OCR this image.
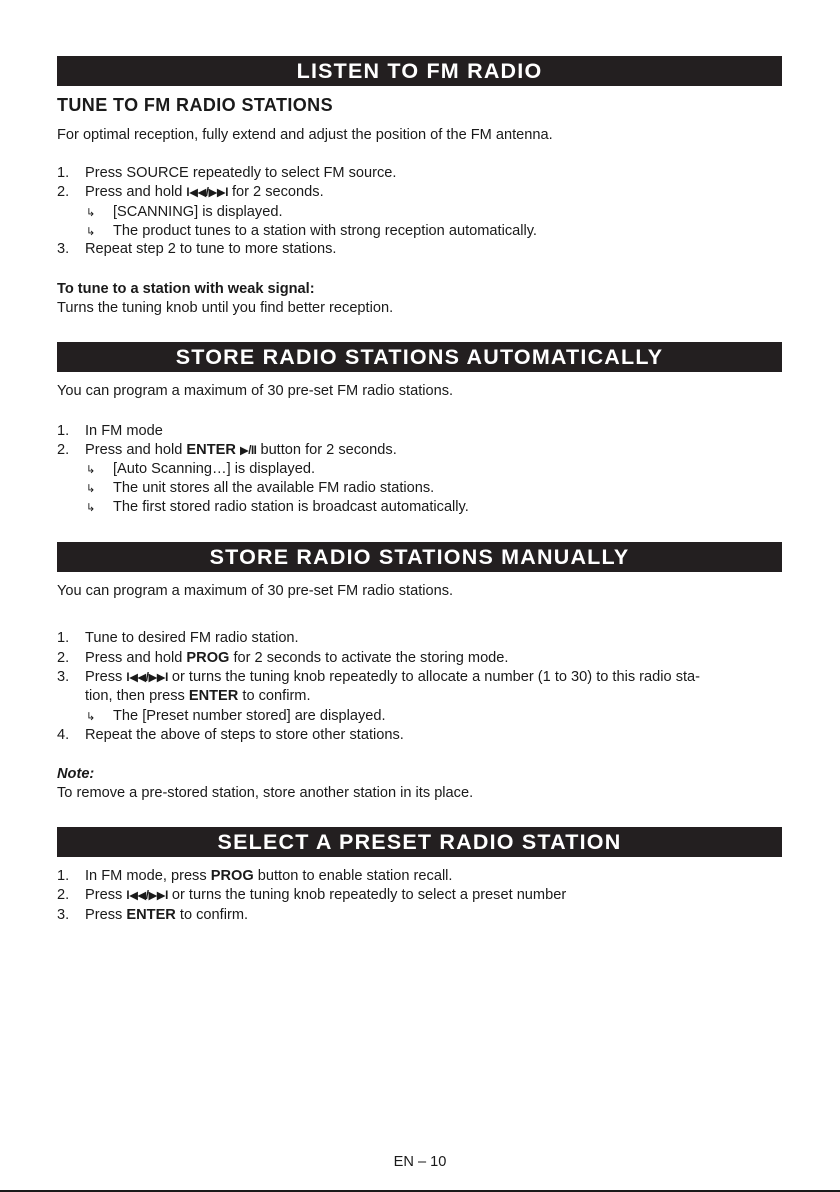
LISTEN TO FM RADIO
TUNE TO FM RADIO STATIONS
For optimal reception, fully extend and adjust the position of the FM antenna.
1. Press SOURCE repeatedly to select FM source.
2. Press and hold I◀◀/▶▶I for 2 seconds.
↳ [SCANNING] is displayed.
↳ The product tunes to a station with strong reception automatically.
3. Repeat step 2 to tune to more stations.
To tune to a station with weak signal:
Turns the tuning knob until you find better reception.
STORE RADIO STATIONS AUTOMATICALLY
You can program a maximum of 30 pre-set FM radio stations.
1. In FM mode
2. Press and hold ENTER ▶/II button for 2 seconds.
↳ [Auto Scanning…] is displayed.
↳ The unit stores all the available FM radio stations.
↳ The first stored radio station is broadcast automatically.
STORE RADIO STATIONS MANUALLY
You can program a maximum of 30 pre-set FM radio stations.
1. Tune to desired FM radio station.
2. Press and hold PROG for 2 seconds to activate the storing mode.
3. Press I◀◀/▶▶I or turns the tuning knob repeatedly to allocate a number (1 to 30) to this radio sta-
tion, then press ENTER to confirm.
↳ The [Preset number stored] are displayed.
4. Repeat the above of steps to store other stations.
Note:
To remove a pre-stored station, store another station in its place.
SELECT A PRESET RADIO STATION
1. In FM mode, press PROG button to enable station recall.
2. Press I◀◀/▶▶I or turns the tuning knob repeatedly to select a preset number
3. Press ENTER to confirm.
EN – 10
